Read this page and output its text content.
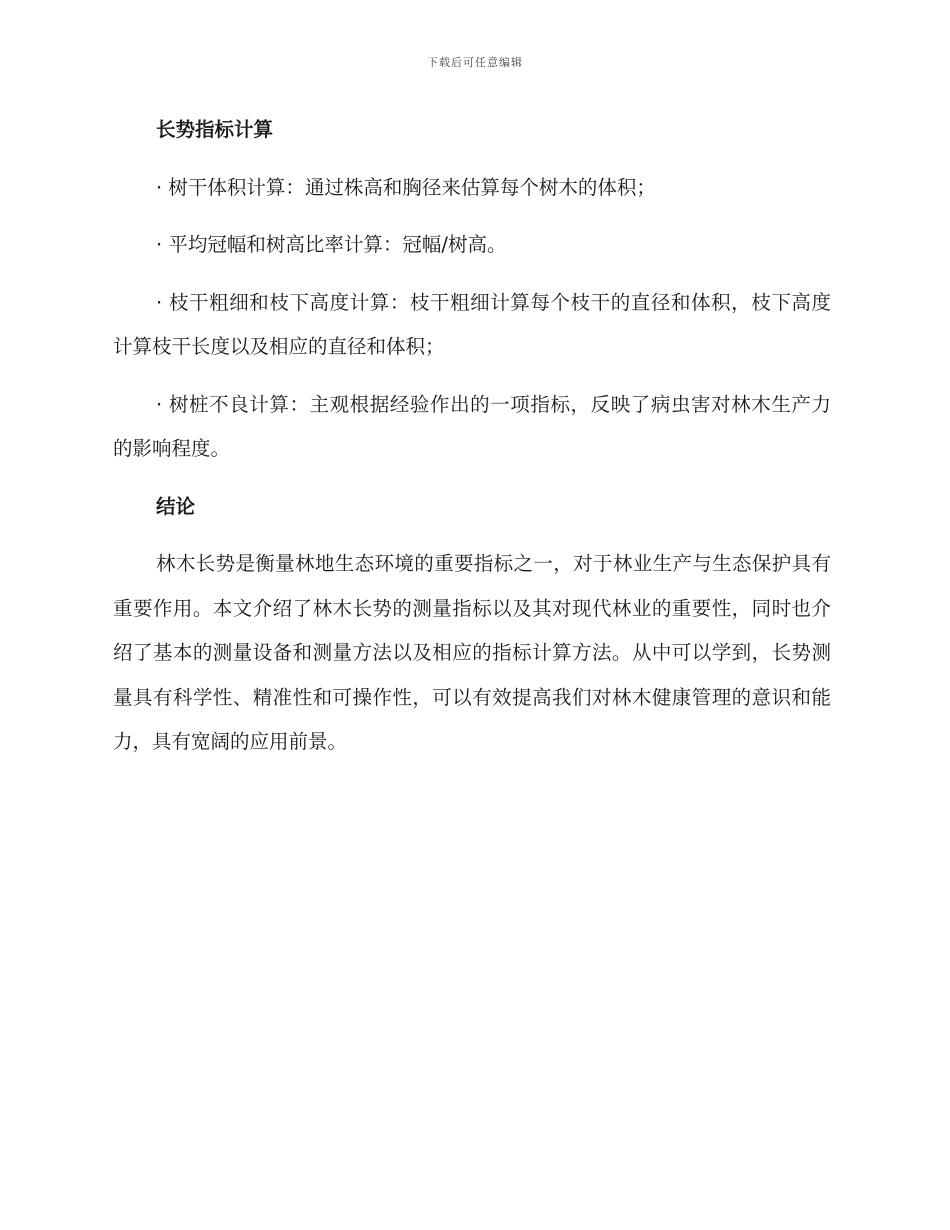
下载后可任意编辑
长势指标计算

· 树干体积计算：通过株高和胸径来估算每个树木的体积；

· 平均冠幅和树高比率计算：冠幅/树高。

· 枝干粗细和枝下高度计算：枝干粗细计算每个枝干的直径和体积，枝下高度计算枝干长度以及相应的直径和体积；

· 树桩不良计算：主观根据经验作出的一项指标，反映了病虫害对林木生产力的影响程度。

结论

林木长势是衡量林地生态环境的重要指标之一，对于林业生产与生态保护具有重要作用。本文介绍了林木长势的测量指标以及其对现代林业的重要性，同时也介绍了基本的测量设备和测量方法以及相应的指标计算方法。从中可以学到，长势测量具有科学性、精准性和可操作性，可以有效提高我们对林木健康管理的意识和能力，具有宽阔的应用前景。
